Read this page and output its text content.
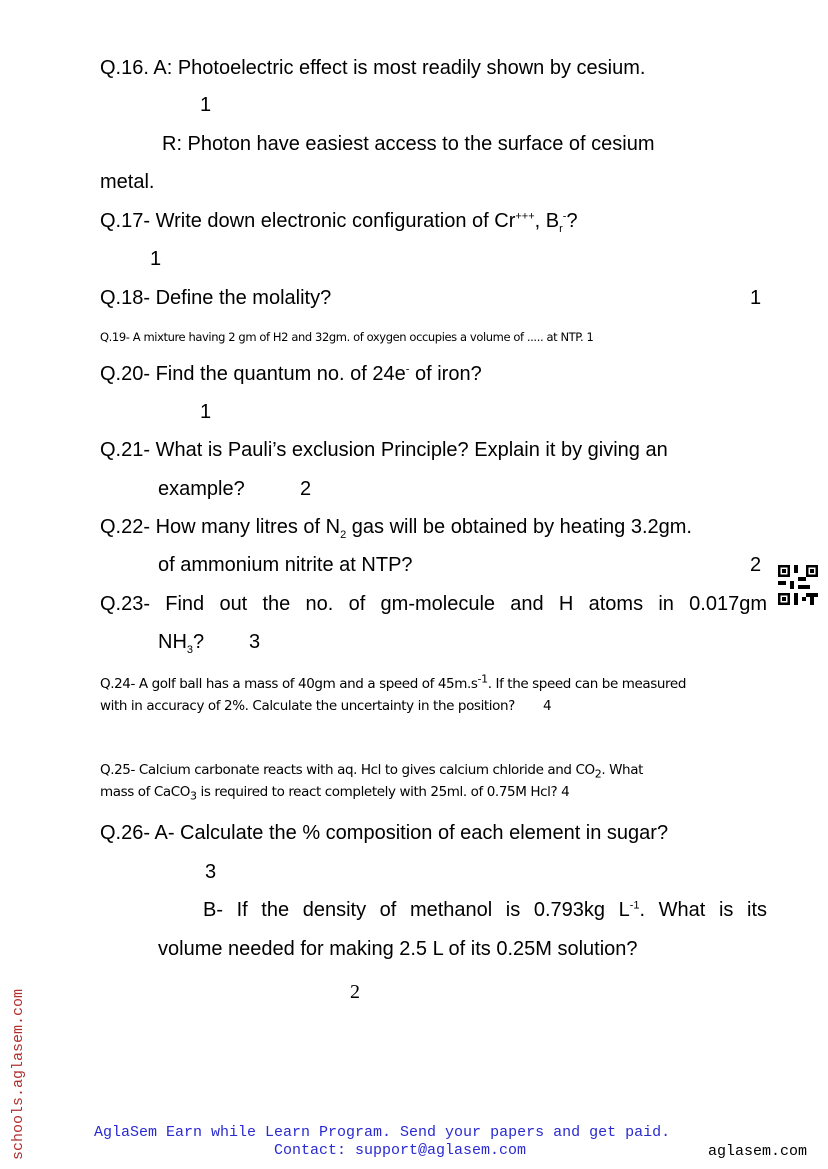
Q.16. A: Photoelectric effect is most readily shown by cesium.
1
R: Photon have easiest access to the surface of cesium
metal.
Q.17- Write down electronic configuration of Cr+++, $B_r^-$?
1
Q.18- Define the molality?	1
Q.19- A mixture having 2 gm of H2 and 32gm. of oxygen occupies a volume of ..... at NTP. 1
Q.20- Find the quantum no. of 24e- of iron?
1
Q.21- What is Pauli’s exclusion Principle? Explain it by giving an
example?	2
Q.22- How many litres of $N_2$ gas will be obtained by heating 3.2gm.
of ammonium nitrite at NTP?	2
Q.23- Find out the no. of gm-molecule and H atoms in 0.017gm
$NH_3$? 3
Q.24- A golf ball has a mass of 40gm and a speed of $45m.s^{-1}$. If the speed can be measured
with in accuracy of 2%. Calculate the uncertainty in the position? 4
Q.25- Calcium carbonate reacts with aq. Hcl to gives calcium chloride and $CO_2$. What
mass of CaCO$_3$ is required to react completely with 25ml. of 0.75M Hcl? 4
Q.26- A- Calculate the % composition of each element in sugar?
3
B- If the density of methanol is 0.793kg $L^{-1}$. What is its
volume needed for making 2.5 L of its 0.25M solution?
2
schools.aglasem.com	AglaSem Earn while Learn Program. Send your papers and get paid.
Contact: support@aglasem.com	aglasem.com
